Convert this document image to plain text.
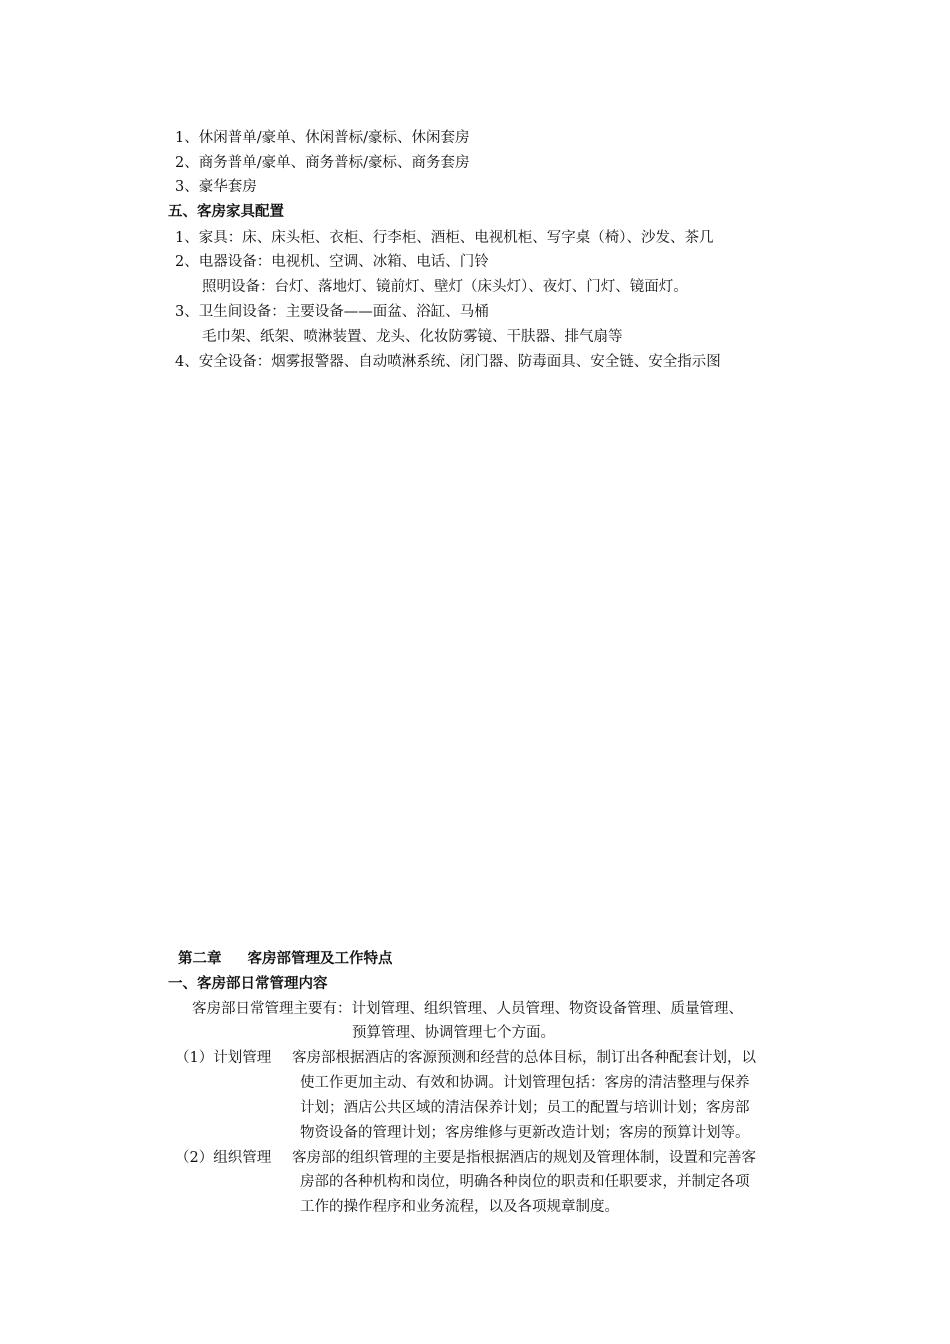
1、休闲普单/豪单、休闲普标/豪标、休闲套房
2、商务普单/豪单、商务普标/豪标、商务套房
3、豪华套房
五、客房家具配置
1、家具：床、床头柜、衣柜、行李柜、酒柜、电视机柜、写字桌（椅）、沙发、茶几
2、电器设备：电视机、空调、冰箱、电话、门铃
照明设备：台灯、落地灯、镜前灯、壁灯（床头灯）、夜灯、门灯、镜面灯。
3、卫生间设备：主要设备——面盆、浴缸、马桶
毛巾架、纸架、喷淋装置、龙头、化妆防雾镜、干肤器、排气扇等
4、安全设备：烟雾报警器、自动喷淋系统、闭门器、防毒面具、安全链、安全指示图
第二章 客房部管理及工作特点
一、客房部日常管理内容
客房部日常管理主要有：计划管理、组织管理、人员管理、物资设备管理、质量管理、
预算管理、协调管理七个方面。
（1）计划管理 客房部根据酒店的客源预测和经营的总体目标，制订出各种配套计划，以
使工作更加主动、有效和协调。计划管理包括：客房的清洁整理与保养
计划；酒店公共区域的清洁保养计划；员工的配置与培训计划；客房部
物资设备的管理计划；客房维修与更新改造计划；客房的预算计划等。
（2）组织管理 客房部的组织管理的主要是指根据酒店的规划及管理体制，设置和完善客
房部的各种机构和岗位，明确各种岗位的职责和任职要求，并制定各项
工作的操作程序和业务流程，以及各项规章制度。
